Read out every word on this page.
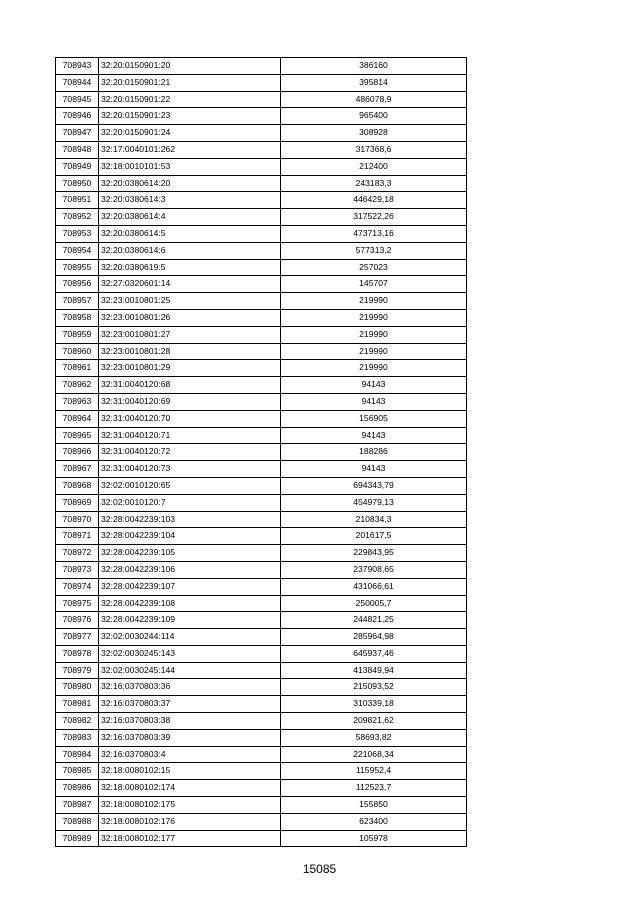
708943	32:20:0150901:20	386160
708944	32:20:0150901:21	395814
708945	32:20:0150901:22	486078,9
708946	32:20:0150901:23	965400
708947	32:20:0150901:24	308928
708948	32:17:0040101:262	317368,6
708949	32:18:0010101:53	212400
708950	32:20:0380614:20	243183,3
708951	32:20:0380614:3	446429,18
708952	32:20:0380614:4	317522,26
708953	32:20:0380614:5	473713,16
708954	32:20:0380614:6	577313,2
708955	32:20:0380619:5	257023
708956	32:27:0320601:14	145707
708957	32:23:0010801:25	219990
708958	32:23:0010801:26	219990
708959	32:23:0010801:27	219990
708960	32:23:0010801:28	219990
708961	32:23:0010801:29	219990
708962	32:31:0040120:68	94143
708963	32:31:0040120:69	94143
708964	32:31:0040120:70	156905
708965	32:31:0040120:71	94143
708966	32:31:0040120:72	188286
708967	32:31:0040120:73	94143
708968	32:02:0010120:65	694343,79
708969	32:02:0010120:7	454979,13
708970	32:28:0042239:103	210834,3
708971	32:28:0042239:104	201617,5
708972	32:28:0042239:105	229843,95
708973	32:28:0042239:106	237908,65
708974	32:28:0042239:107	431066,61
708975	32:28:0042239:108	250005,7
708976	32:28:0042239:109	244821,25
708977	32:02:0030244:114	285964,98
708978	32:02:0030245:143	645937,46
708979	32:02:0030245:144	413849,94
708980	32:16:0370803:36	215093,52
708981	32:16:0370803:37	310339,18
708982	32:16:0370803:38	209821,62
708983	32:16:0370803:39	58693,82
708984	32:16:0370803:4	221068,34
708985	32:18:0080102:15	115952,4
708986	32:18:0080102:174	112523,7
708987	32:18:0080102:175	155850
708988	32:18:0080102:176	623400
708989	32:18:0080102:177	105978
15085
